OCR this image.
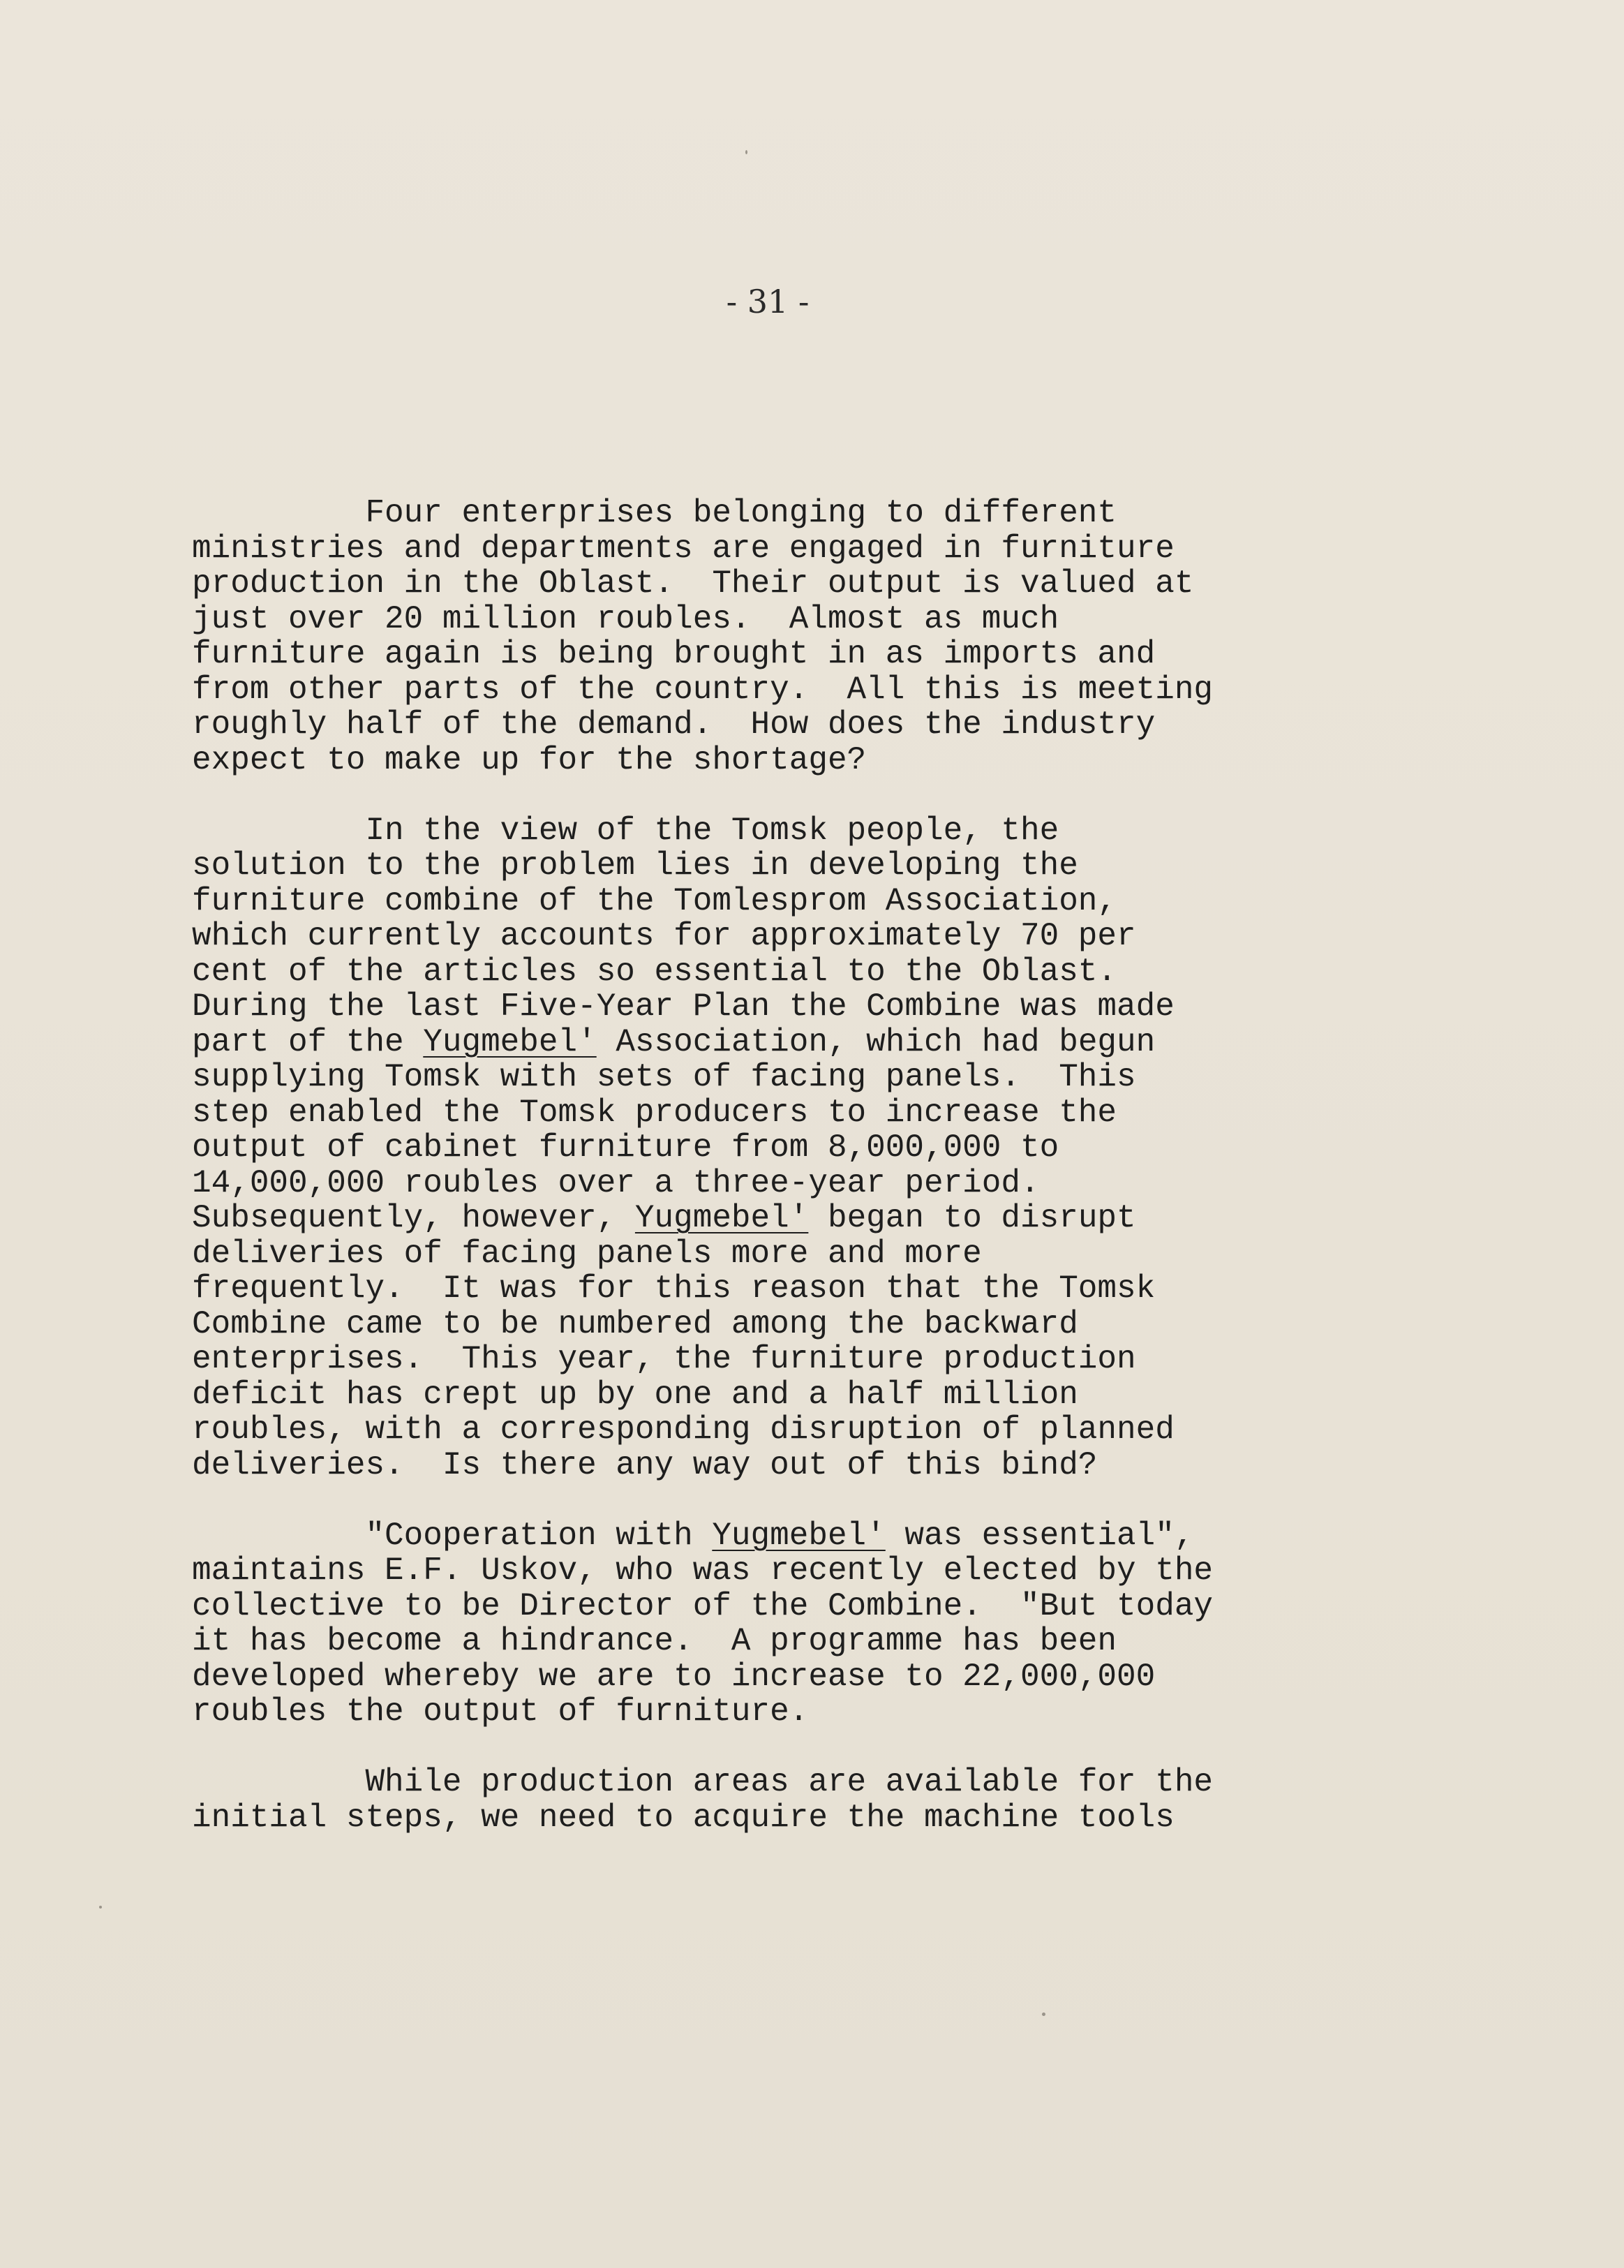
- 31 -
Four enterprises belonging to different
ministries and departments are engaged in furniture
production in the Oblast.  Their output is valued at
just over 20 million roubles.  Almost as much
furniture again is being brought in as imports and
from other parts of the country.  All this is meeting
roughly half of the demand.  How does the industry
expect to make up for the shortage?
In the view of the Tomsk people, the
solution to the problem lies in developing the
furniture combine of the Tomlesprom Association,
which currently accounts for approximately 70 per
cent of the articles so essential to the Oblast.
During the last Five-Year Plan the Combine was made
part of the Yugmebel' Association, which had begun
supplying Tomsk with sets of facing panels.  This
step enabled the Tomsk producers to increase the
output of cabinet furniture from 8,000,000 to
14,000,000 roubles over a three-year period.
Subsequently, however, Yugmebel' began to disrupt
deliveries of facing panels more and more
frequently.  It was for this reason that the Tomsk
Combine came to be numbered among the backward
enterprises.  This year, the furniture production
deficit has crept up by one and a half million
roubles, with a corresponding disruption of planned
deliveries.  Is there any way out of this bind?
"Cooperation with Yugmebel' was essential",
maintains E.F. Uskov, who was recently elected by the
collective to be Director of the Combine.  "But today
it has become a hindrance.  A programme has been
developed whereby we are to increase to 22,000,000
roubles the output of furniture.
While production areas are available for the
initial steps, we need to acquire the machine tools
